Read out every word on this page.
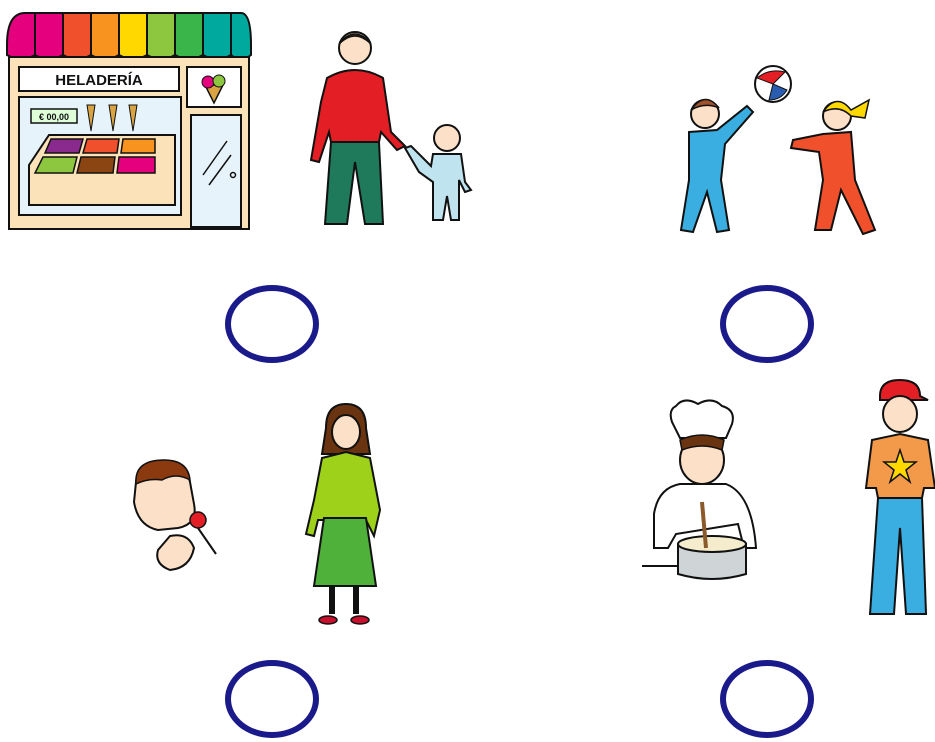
HELADERÍA
€ 00,00
